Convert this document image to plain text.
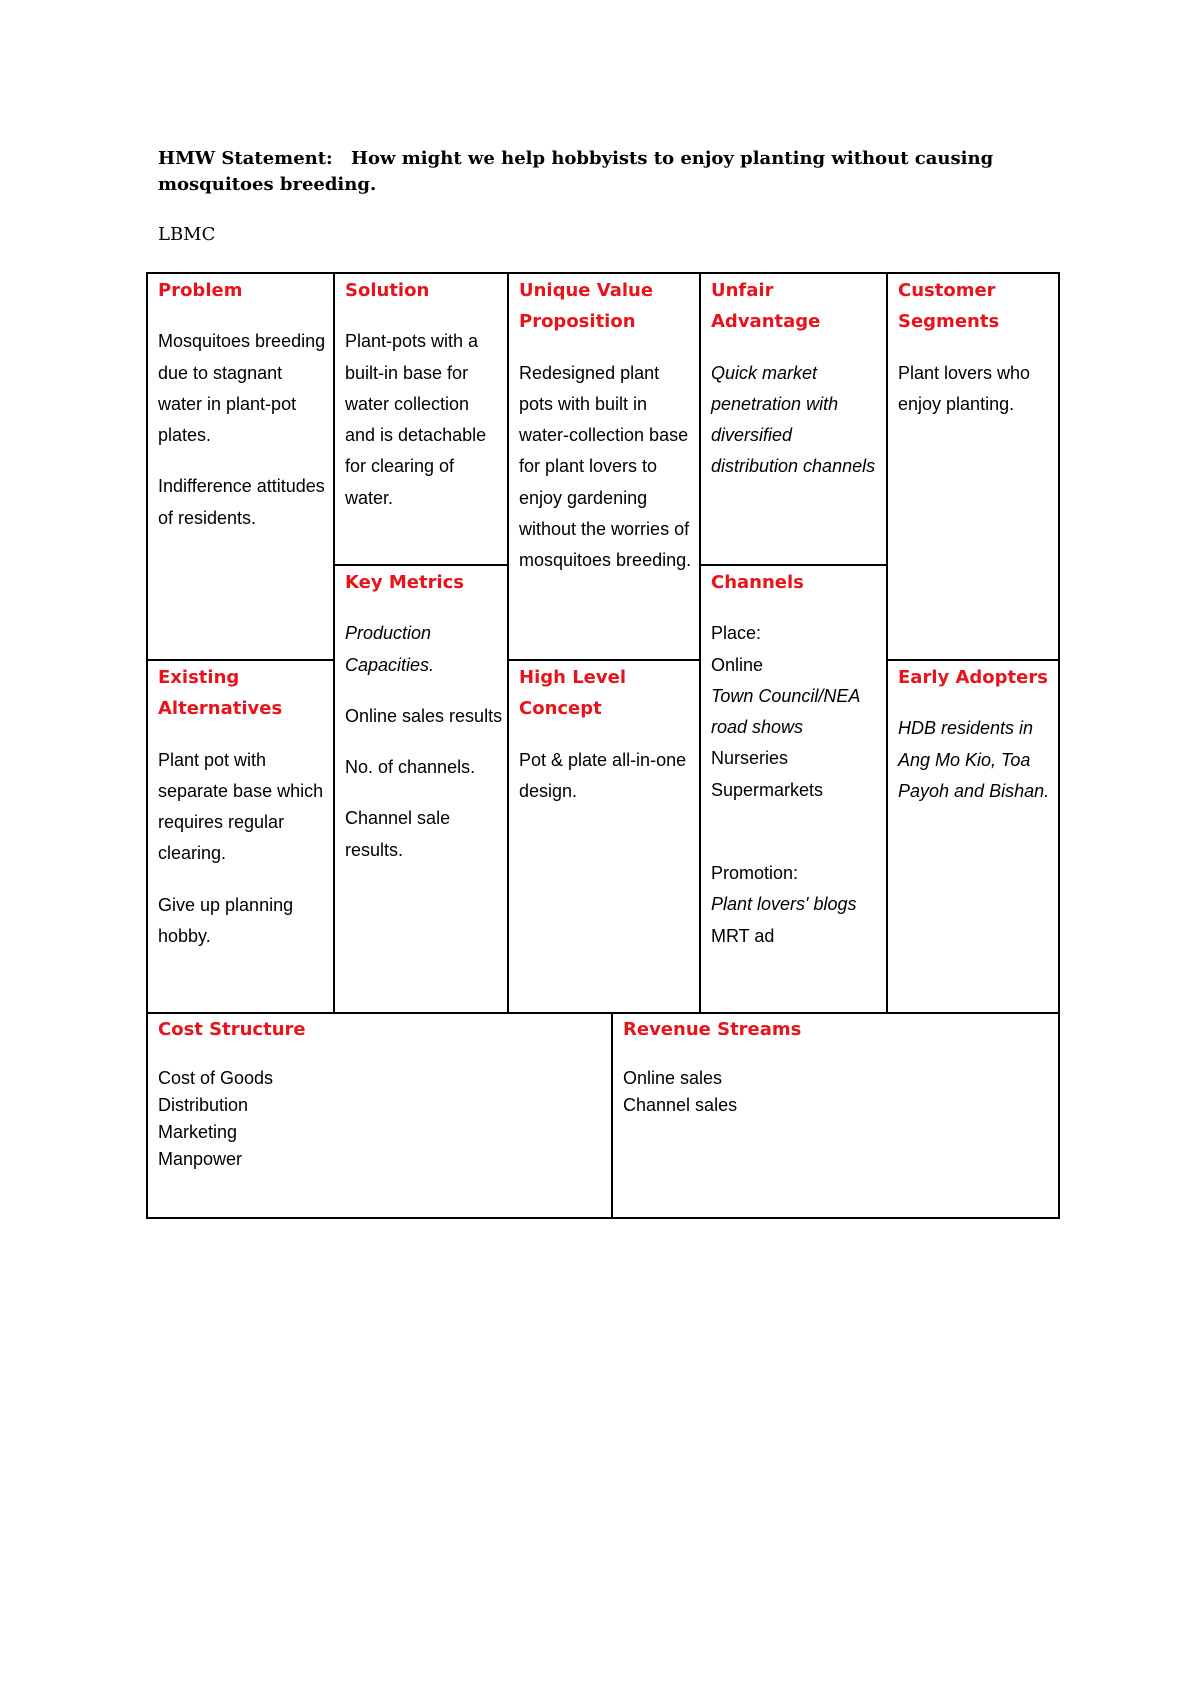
HMW Statement: How might we help hobbyists to enjoy planting without causing mosquitoes breeding.
LBMC
Problem
Mosquitoes breeding due to stagnant water in plant-pot plates.
Indifference attitudes of residents.
Existing Alternatives
Plant pot with separate base which requires regular clearing.
Give up planning hobby.
Solution
Plant-pots with a built-in base for water collection and is detachable for clearing of water.
Key Metrics
Production Capacities.
Online sales results
No. of channels.
Channel sale results.
Unique Value Proposition
Redesigned plant pots with built in water-collection base for plant lovers to enjoy gardening without the worries of mosquitoes breeding.
High Level Concept
Pot & plate all-in-one design.
Unfair Advantage
Quick market penetration with diversified distribution channels
Channels
Place:
Online
Town Council/NEA road shows
Nurseries
Supermarkets
Promotion:
Plant lovers' blogs
MRT ad
Customer Segments
Plant lovers who enjoy planting.
Early Adopters
HDB residents in Ang Mo Kio, Toa Payoh and Bishan.
Cost Structure
Cost of Goods
Distribution
Marketing
Manpower
Revenue Streams
Online sales
Channel sales
